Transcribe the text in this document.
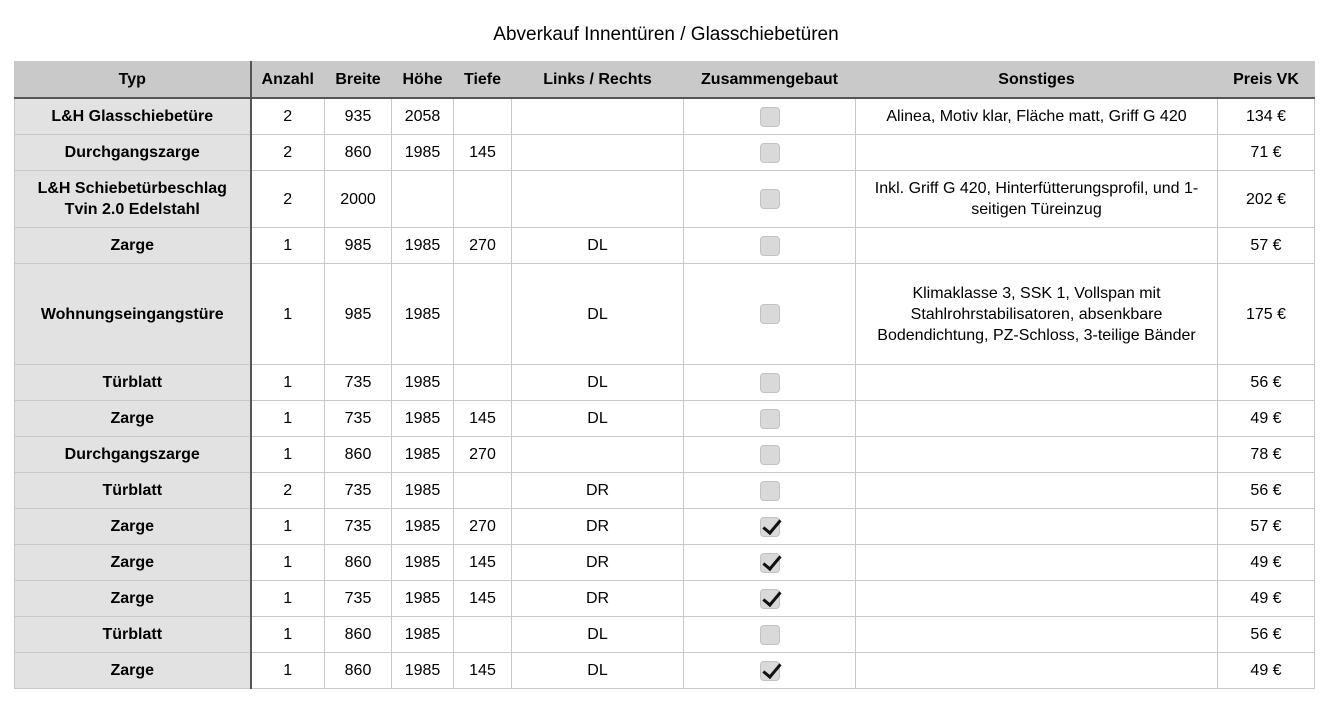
Abverkauf Innentüren / Glasschiebetüren
Typ	Anzahl	Breite	Höhe	Tiefe	Links / Rechts	Zusammengebaut	Sonstiges	Preis VK
L&H Glasschiebetüre	2	935	2058				Alinea, Motiv klar, Fläche matt, Griff G 420	134 €
Durchgangszarge	2	860	1985	145				71 €
L&H Schiebetürbeschlag Tvin 2.0 Edelstahl	2	2000					Inkl. Griff G 420, Hinterfütterungsprofil, und 1-seitigen Türeinzug	202 €
Zarge	1	985	1985	270	DL			57 €
Wohnungseingangstüre	1	985	1985		DL		Klimaklasse 3, SSK 1, Vollspan mit Stahlrohrstabilisatoren, absenkbare Bodendichtung, PZ-Schloss, 3-teilige Bänder	175 €
Türblatt	1	735	1985		DL			56 €
Zarge	1	735	1985	145	DL			49 €
Durchgangszarge	1	860	1985	270				78 €
Türblatt	2	735	1985		DR			56 €
Zarge	1	735	1985	270	DR			57 €
Zarge	1	860	1985	145	DR			49 €
Zarge	1	735	1985	145	DR			49 €
Türblatt	1	860	1985		DL			56 €
Zarge	1	860	1985	145	DL			49 €
